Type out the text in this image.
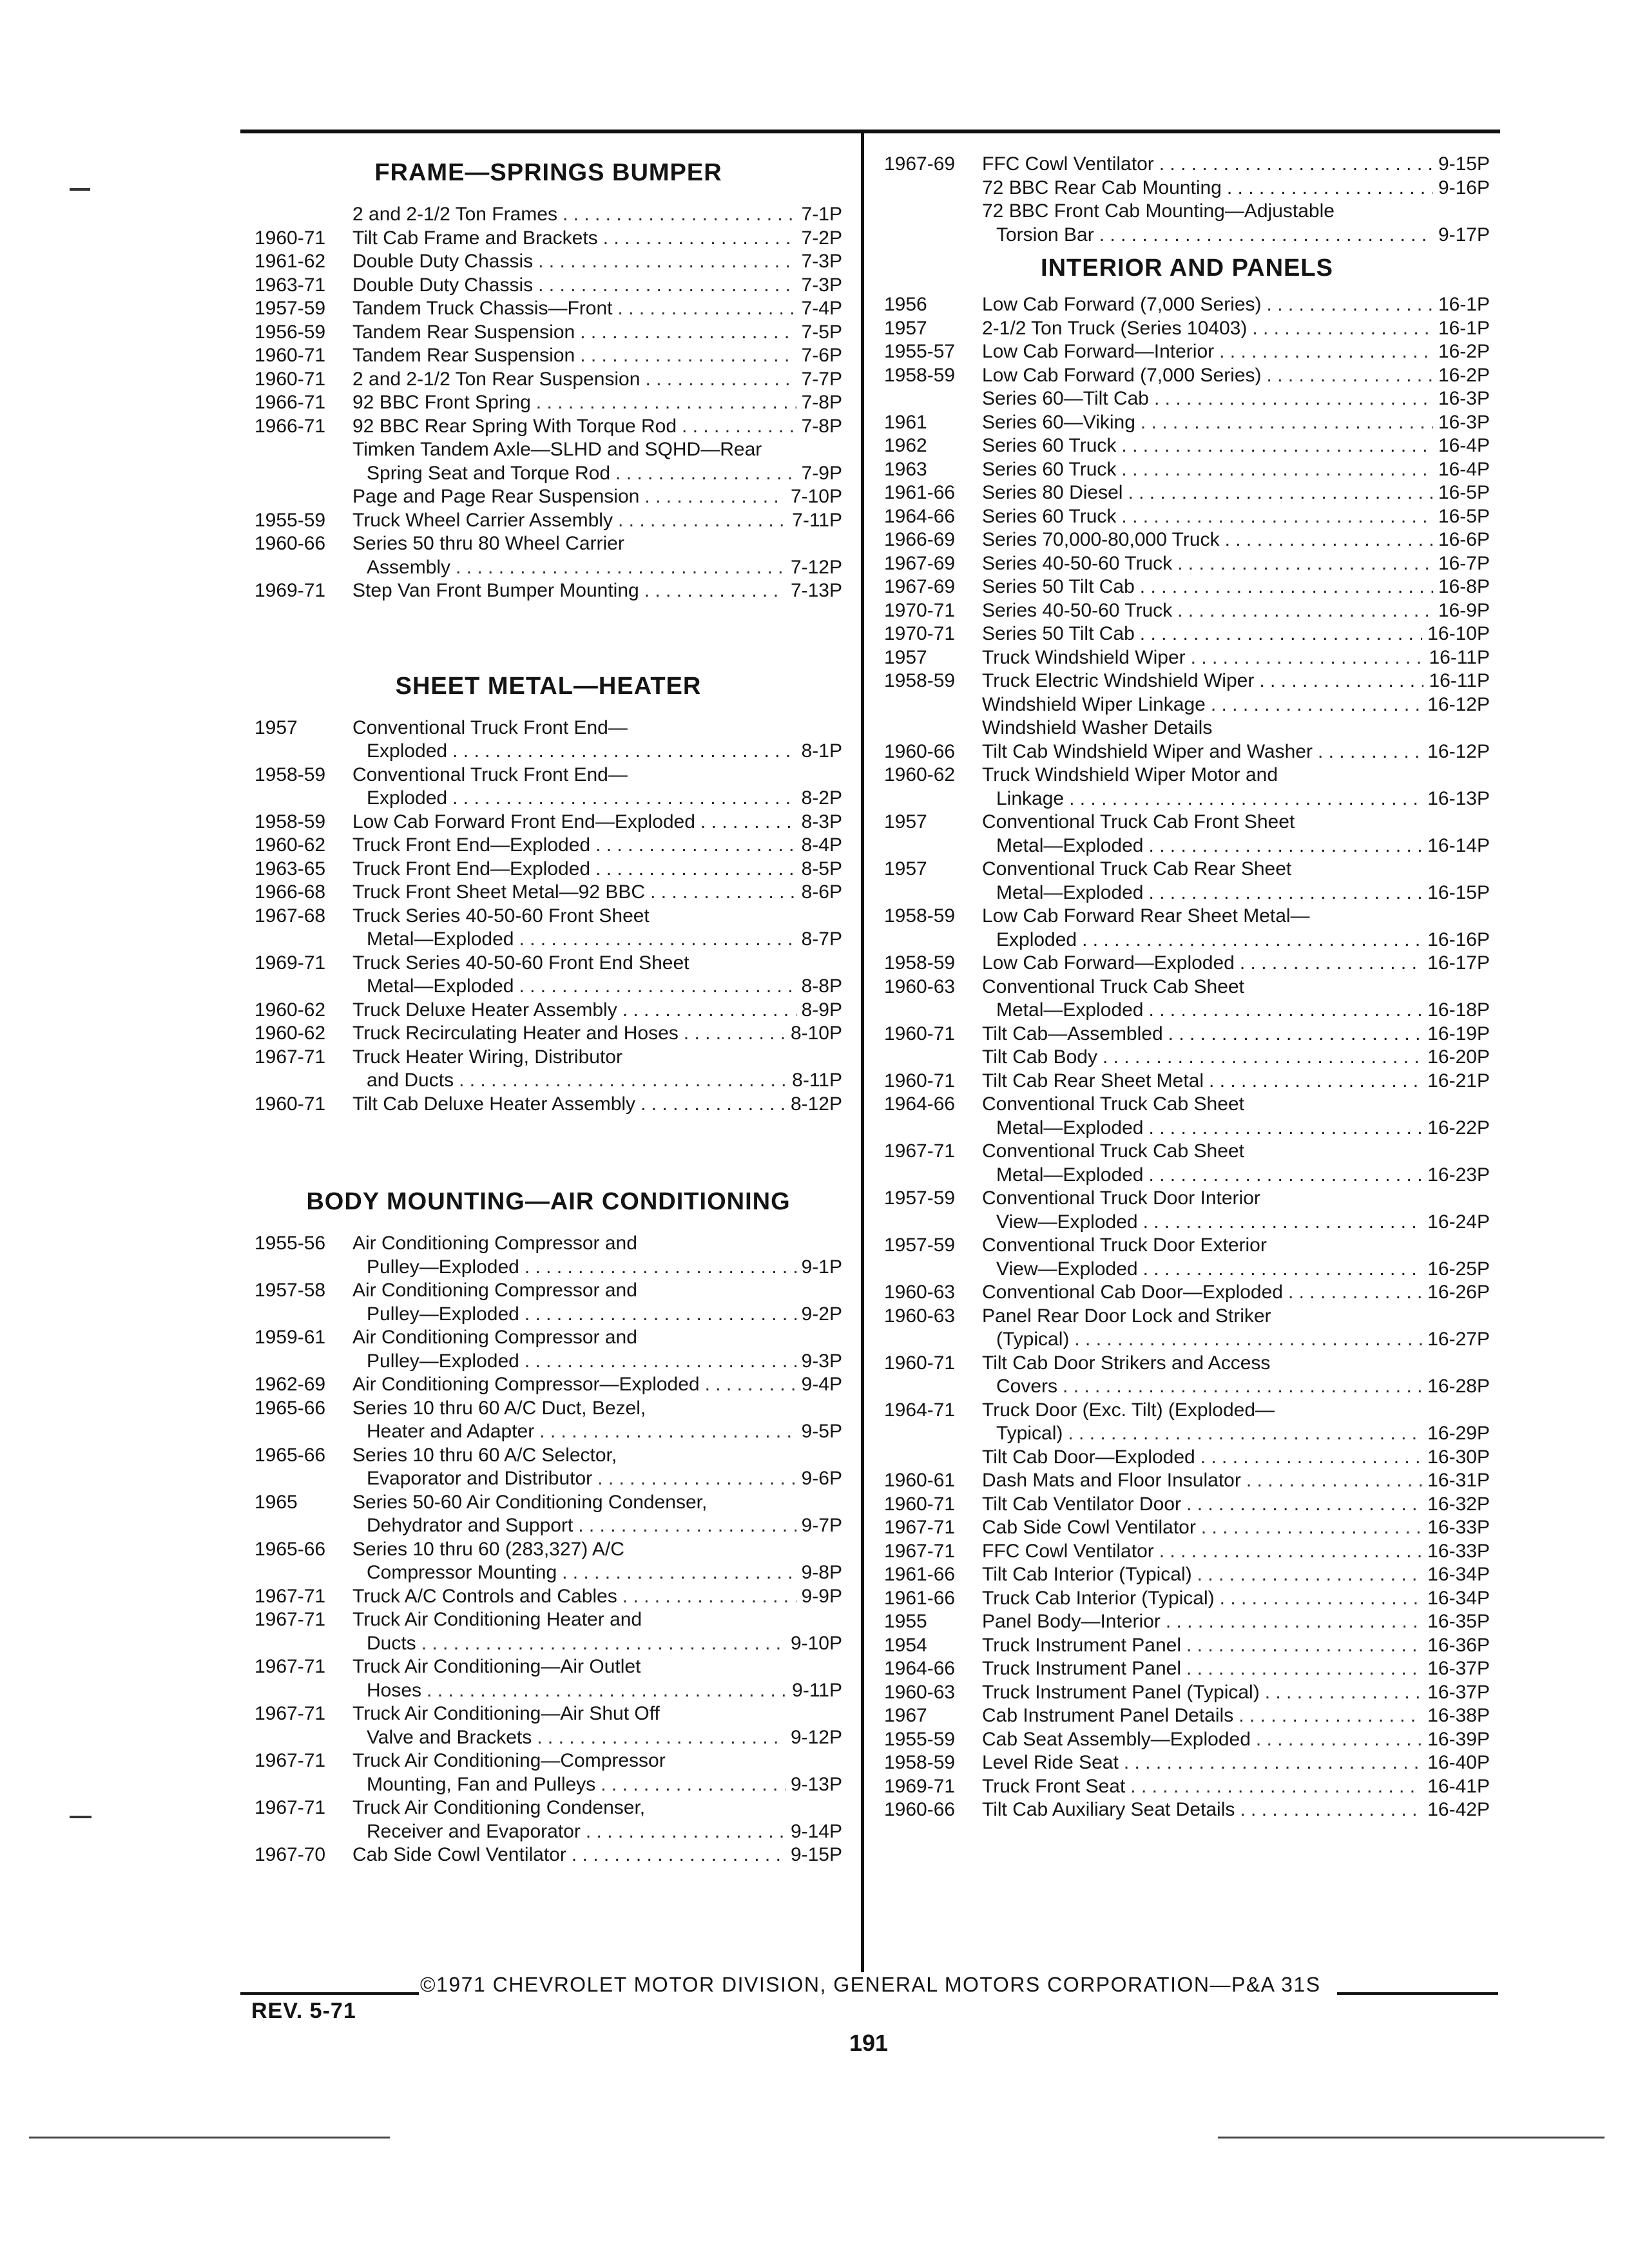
FRAME—SPRINGS BUMPER
2 and 2-1/2 Ton Frames . . .	7-1P
1960-71	Tilt Cab Frame and Brackets . . .	7-2P
1961-62	Double Duty Chassis . . .	7-3P
1963-71	Double Duty Chassis . . .	7-3P
1957-59	Tandem Truck Chassis—Front . . .	7-4P
1956-59	Tandem Rear Suspension . . .	7-5P
1960-71	Tandem Rear Suspension . . .	7-6P
1960-71	2 and 2-1/2 Ton Rear Suspension . . .	7-7P
1966-71	92 BBC Front Spring . . .	7-8P
1966-71	92 BBC Rear Spring With Torque Rod . . .	7-8P
Timken Tandem Axle—SLHD and SQHD—Rear
Spring Seat and Torque Rod . . .	7-9P
Page and Page Rear Suspension . . .	7-10P
1955-59	Truck Wheel Carrier Assembly . . .	7-11P
1960-66	Series 50 thru 80 Wheel Carrier
Assembly . . .	7-12P
1969-71	Step Van Front Bumper Mounting . . .	7-13P
SHEET METAL—HEATER
1957	Conventional Truck Front End—
Exploded . . .	8-1P
1958-59	Conventional Truck Front End—
Exploded . . .	8-2P
1958-59	Low Cab Forward Front End—Exploded . . .	8-3P
1960-62	Truck Front End—Exploded . . .	8-4P
1963-65	Truck Front End—Exploded . . .	8-5P
1966-68	Truck Front Sheet Metal—92 BBC . . .	8-6P
1967-68	Truck Series 40-50-60 Front Sheet
Metal—Exploded . . .	8-7P
1969-71	Truck Series 40-50-60 Front End Sheet
Metal—Exploded . . .	8-8P
1960-62	Truck Deluxe Heater Assembly . . .	8-9P
1960-62	Truck Recirculating Heater and Hoses . . .	8-10P
1967-71	Truck Heater Wiring, Distributor
and Ducts . . .	8-11P
1960-71	Tilt Cab Deluxe Heater Assembly . . .	8-12P
BODY MOUNTING—AIR CONDITIONING
1955-56	Air Conditioning Compressor and
Pulley—Exploded . . .	9-1P
1957-58	Air Conditioning Compressor and
Pulley—Exploded . . .	9-2P
1959-61	Air Conditioning Compressor and
Pulley—Exploded . . .	9-3P
1962-69	Air Conditioning Compressor—Exploded . . .	9-4P
1965-66	Series 10 thru 60 A/C Duct, Bezel,
Heater and Adapter . . .	9-5P
1965-66	Series 10 thru 60 A/C Selector,
Evaporator and Distributor . . .	9-6P
1965	Series 50-60 Air Conditioning Condenser,
Dehydrator and Support . . .	9-7P
1965-66	Series 10 thru 60 (283,327) A/C
Compressor Mounting . . .	9-8P
1967-71	Truck A/C Controls and Cables . . .	9-9P
1967-71	Truck Air Conditioning Heater and
Ducts . . .	9-10P
1967-71	Truck Air Conditioning—Air Outlet
Hoses . . .	9-11P
1967-71	Truck Air Conditioning—Air Shut Off
Valve and Brackets . . .	9-12P
1967-71	Truck Air Conditioning—Compressor
Mounting, Fan and Pulleys . . .	9-13P
1967-71	Truck Air Conditioning Condenser,
Receiver and Evaporator . . .	9-14P
1967-70	Cab Side Cowl Ventilator . . .	9-15P
1967-69	FFC Cowl Ventilator . . .	9-15P
72 BBC Rear Cab Mounting . . .	9-16P
72 BBC Front Cab Mounting—Adjustable
Torsion Bar . . .	9-17P
INTERIOR AND PANELS
1956	Low Cab Forward (7,000 Series) . . .	16-1P
1957	2-1/2 Ton Truck (Series 10403) . . .	16-1P
1955-57	Low Cab Forward—Interior . . .	16-2P
1958-59	Low Cab Forward (7,000 Series) . . .	16-2P
Series 60—Tilt Cab . . .	16-3P
1961	Series 60—Viking . . .	16-3P
1962	Series 60 Truck . . .	16-4P
1963	Series 60 Truck . . .	16-4P
1961-66	Series 80 Diesel . . .	16-5P
1964-66	Series 60 Truck . . .	16-5P
1966-69	Series 70,000-80,000 Truck . . .	16-6P
1967-69	Series 40-50-60 Truck . . .	16-7P
1967-69	Series 50 Tilt Cab . . .	16-8P
1970-71	Series 40-50-60 Truck . . .	16-9P
1970-71	Series 50 Tilt Cab . . .	16-10P
1957	Truck Windshield Wiper . . .	16-11P
1958-59	Truck Electric Windshield Wiper . . .	16-11P
Windshield Wiper Linkage . . .	16-12P
Windshield Washer Details
1960-66	Tilt Cab Windshield Wiper and Washer . . .	16-12P
1960-62	Truck Windshield Wiper Motor and
Linkage . . .	16-13P
1957	Conventional Truck Cab Front Sheet
Metal—Exploded . . .	16-14P
1957	Conventional Truck Cab Rear Sheet
Metal—Exploded . . .	16-15P
1958-59	Low Cab Forward Rear Sheet Metal—
Exploded . . .	16-16P
1958-59	Low Cab Forward—Exploded . . .	16-17P
1960-63	Conventional Truck Cab Sheet
Metal—Exploded . . .	16-18P
1960-71	Tilt Cab—Assembled . . .	16-19P
Tilt Cab Body . . .	16-20P
1960-71	Tilt Cab Rear Sheet Metal . . .	16-21P
1964-66	Conventional Truck Cab Sheet
Metal—Exploded . . .	16-22P
1967-71	Conventional Truck Cab Sheet
Metal—Exploded . . .	16-23P
1957-59	Conventional Truck Door Interior
View—Exploded . . .	16-24P
1957-59	Conventional Truck Door Exterior
View—Exploded . . .	16-25P
1960-63	Conventional Cab Door—Exploded . . .	16-26P
1960-63	Panel Rear Door Lock and Striker
(Typical) . . .	16-27P
1960-71	Tilt Cab Door Strikers and Access
Covers . . .	16-28P
1964-71	Truck Door (Exc. Tilt) (Exploded—
Typical) . . .	16-29P
Tilt Cab Door—Exploded . . .	16-30P
1960-61	Dash Mats and Floor Insulator . . .	16-31P
1960-71	Tilt Cab Ventilator Door . . .	16-32P
1967-71	Cab Side Cowl Ventilator . . .	16-33P
1967-71	FFC Cowl Ventilator . . .	16-33P
1961-66	Tilt Cab Interior (Typical) . . .	16-34P
1961-66	Truck Cab Interior (Typical) . . .	16-34P
1955	Panel Body—Interior . . .	16-35P
1954	Truck Instrument Panel . . .	16-36P
1964-66	Truck Instrument Panel . . .	16-37P
1960-63	Truck Instrument Panel (Typical) . . .	16-37P
1967	Cab Instrument Panel Details . . .	16-38P
1955-59	Cab Seat Assembly—Exploded . . .	16-39P
1958-59	Level Ride Seat . . .	16-40P
1969-71	Truck Front Seat . . .	16-41P
1960-66	Tilt Cab Auxiliary Seat Details . . .	16-42P
©1971 CHEVROLET MOTOR DIVISION, GENERAL MOTORS CORPORATION—P&A 31S
REV. 5-71
191
